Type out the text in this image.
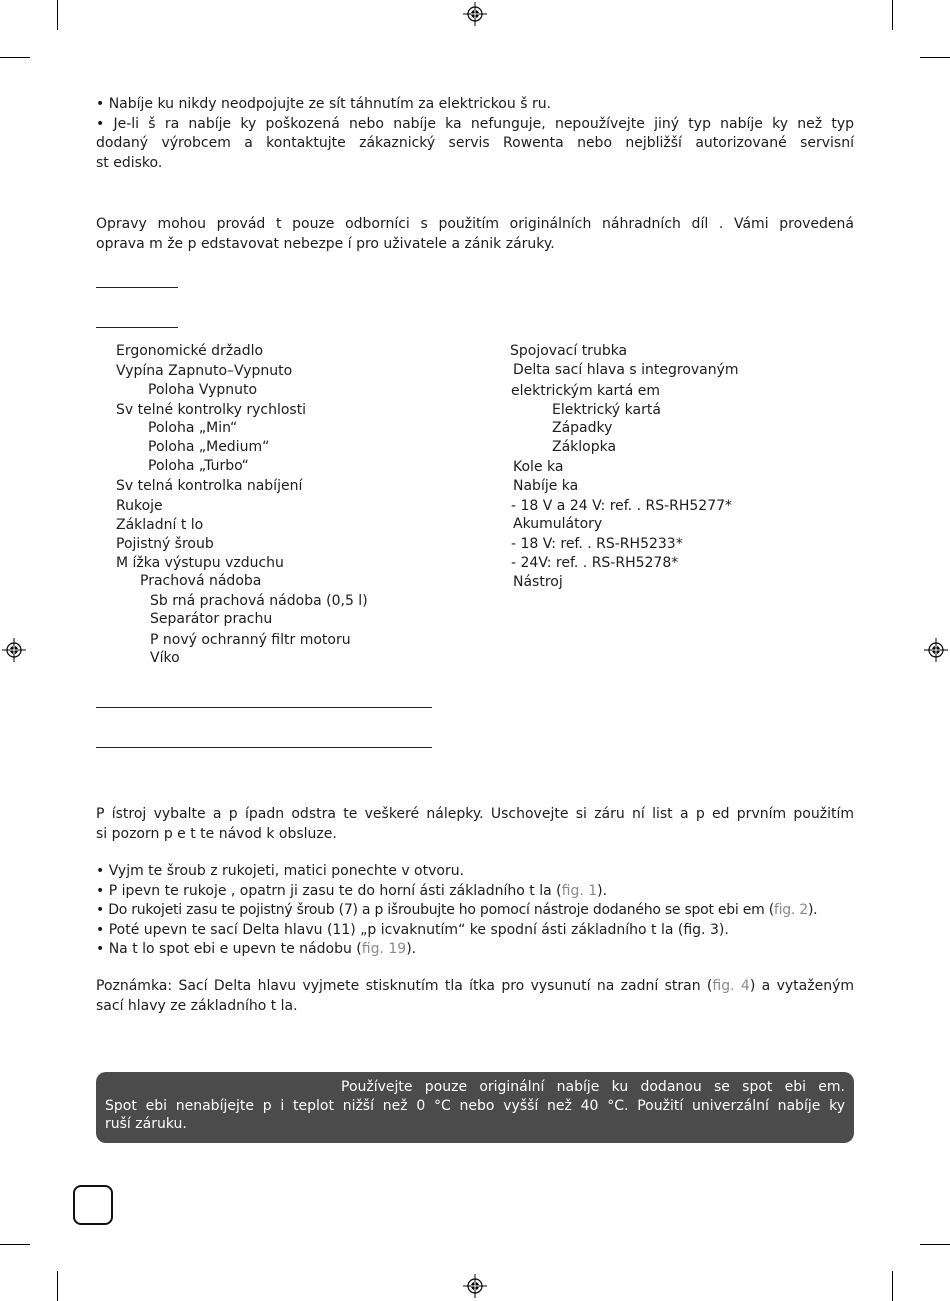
• Nabíje ku nikdy neodpojujte ze sít táhnutím za elektrickou š ru.
• Je-li š ra nabíje ky poškozená nebo nabíje ka nefunguje, nepoužívejte jiný typ nabíje ky než typ
dodaný výrobcem a kontaktujte zákaznický servis Rowenta nebo nejbližší autorizované servisní
st edisko.
Opravy mohou provád t pouze odborníci s použitím originálních náhradních díl . Vámi provedená
oprava m že p edstavovat nebezpe í pro uživatele a zánik záruky.
Ergonomické držadlo
Vypína Zapnuto–Vypnuto
Poloha Vypnuto
Sv telné kontrolky rychlosti
Poloha „Min“
Poloha „Medium“
Poloha „Turbo“
Sv telná kontrolka nabíjení
Rukoje
Základní t lo
Pojistný šroub
M ížka výstupu vzduchu
Prachová nádoba
Sb rná prachová nádoba (0,5 l)
Separátor prachu
P nový ochranný filtr motoru
Víko
Spojovací trubka
Delta sací hlava s integrovaným
elektrickým kartá em
Elektrický kartá
Západky
Záklopka
Kole ka
Nabíje ka
- 18 V a 24 V: ref. . RS-RH5277*
Akumulátory
- 18 V: ref. . RS-RH5233*
- 24V: ref. . RS-RH5278*
Nástroj
P ístroj vybalte a p ípadn odstra te veškeré nálepky. Uschovejte si záru ní list a p ed prvním použitím
si pozorn p e t te návod k obsluze.
• Vyjm te šroub z rukojeti, matici ponechte v otvoru.
• P ipevn te rukoje , opatrn ji zasu te do horní ásti základního t la (fig. 1).
• Do rukojeti zasu te pojistný šroub (7) a p išroubujte ho pomocí nástroje dodaného se spot ebi em (fig. 2).
• Poté upevn te sací Delta hlavu (11) „p icvaknutím“ ke spodní ásti základního t la (fig. 3).
• Na t lo spot ebi e upevn te nádobu (fig. 19).
Poznámka: Sací Delta hlavu vyjmete stisknutím tla ítka pro vysunutí na zadní stran (fig. 4) a vytaženým
sací hlavy ze základního t la.
Používejte pouze originální nabíje ku dodanou se spot ebi em.
Spot ebi nenabíjejte p i teplot nižší než 0 °C nebo vyšší než 40 °C. Použití univerzální nabíje ky
ruší záruku.
